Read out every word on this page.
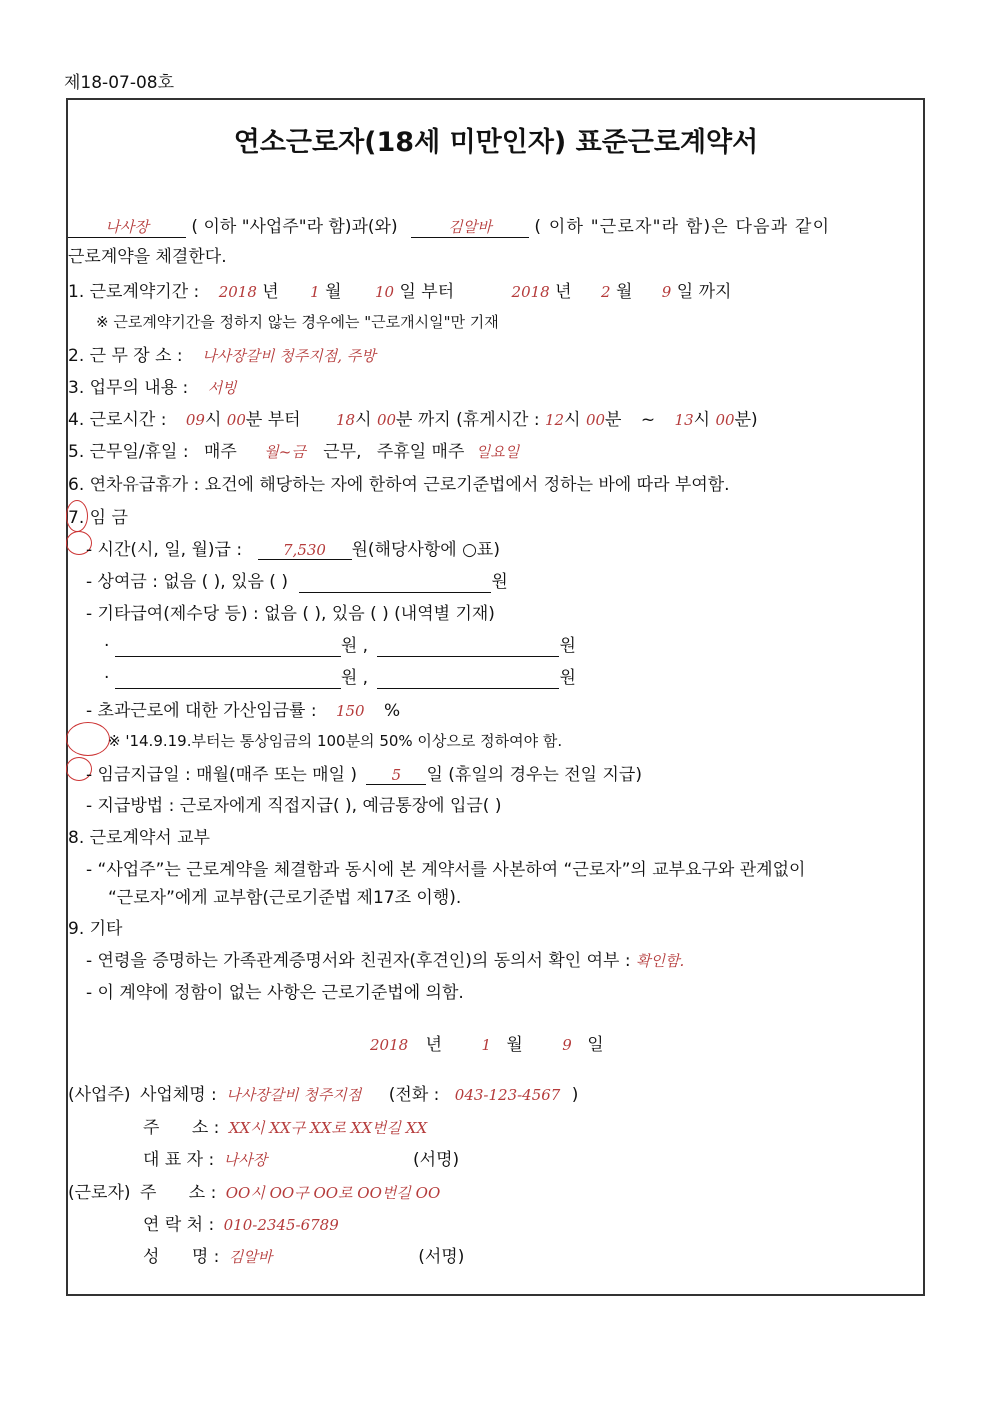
제18-07-08호
연소근로자(18세 미만인자) 표준근로계약서
나사장	( 이하 "사업주"라 함)과(와)	김알바	( 이하 "근로자"라 함)은 다음과 같이
근로계약을 체결한다.
1. 근로계약기간 : 2018 년 1 월 10 일 부터	2018 년 2 월 9 일 까지
※ 근로계약기간을 정하지 않는 경우에는 "근로개시일"만 기재
2. 근 무 장 소 : 나사장갈비 청주지점, 주방
3. 업무의 내용 : 서빙
4. 근로시간 : 09시 00분 부터 18시 00분 까지 (휴게시간 : 12시 00분 ~ 13시 00분)
5. 근무일/휴일 : 매주 월~금 근무, 주휴일 매주 일요일
6. 연차유급휴가 : 요건에 해당하는 자에 한하여 근로기준법에서 정하는 바에 따라 부여함.
7. 임 금
- 시간(시, 일, 월)급 :	7,530 원(해당사항에 ○표)
- 상여금 : 없음 ( ), 있음 ( )	원
- 기타급여(제수당 등) : 없음 ( ), 있음 ( ) (내역별 기재)
·	원 ,	원
·	원 ,	원
- 초과근로에 대한 가산임금률 : 150 %
※ '14.9.19.부터는 통상임금의 100분의 50% 이상으로 정하여야 함.
- 임금지급일 : 매월(매주 또는 매일 ) 5 일 (휴일의 경우는 전일 지급)
- 지급방법 : 근로자에게 직접지급( ), 예금통장에 입금( )
8. 근로계약서 교부
- “사업주”는 근로계약을 체결함과 동시에 본 계약서를 사본하여 “근로자”의 교부요구와 관계없이
“근로자”에게 교부함(근로기준법 제17조 이행).
9. 기타
- 연령을 증명하는 가족관계증명서와 친권자(후견인)의 동의서 확인 여부 : 확인함.
- 이 계약에 정함이 없는 사항은 근로기준법에 의함.
2018 년	1 월	9 일
(사업주) 사업체명 : 나사장갈비 청주지점 (전화 : 043-123-4567 )
주      소 : XX시 XX구 XX로 XX번길 XX
대 표 자 : 나사장	(서명)
(근로자) 주      소 : OO시 OO구 OO로 OO번길 OO
연 락 처 : 010-2345-6789
성      명 : 김알바	(서명)
